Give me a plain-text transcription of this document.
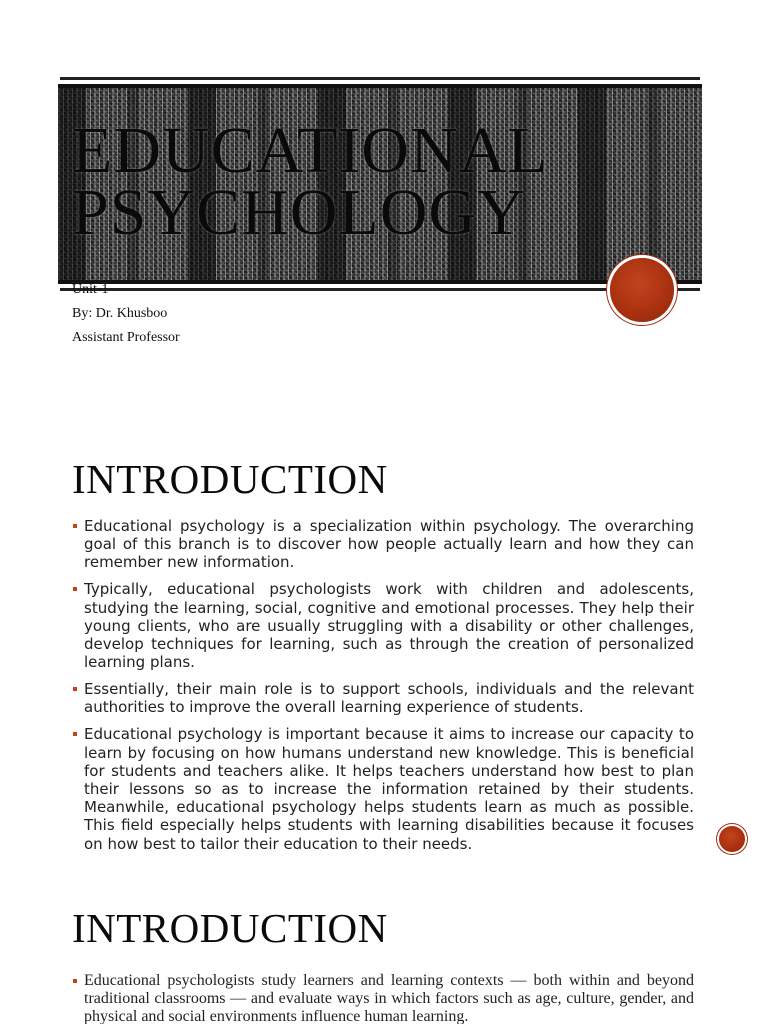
EDUCATIONAL
PSYCHOLOGY
Unit-1
By: Dr. Khusboo
Assistant Professor
INTRODUCTION
Educational psychology is a specialization within psychology. The overarching goal of this branch is to discover how people actually learn and how they can remember new information.
Typically, educational psychologists work with children and adolescents, studying the learning, social, cognitive and emotional processes. They help their young clients, who are usually struggling with a disability or other challenges, develop techniques for learning, such as through the creation of personalized learning plans.
Essentially, their main role is to support schools, individuals and the relevant authorities to improve the overall learning experience of students.
Educational psychology is important because it aims to increase our capacity to learn by focusing on how humans understand new knowledge. This is beneficial for students and teachers alike. It helps teachers understand how best to plan their lessons so as to increase the information retained by their students. Meanwhile, educational psychology helps students learn as much as possible. This field especially helps students with learning disabilities because it focuses on how best to tailor their education to their needs.
INTRODUCTION
Educational psychologists study learners and learning contexts — both within and beyond traditional classrooms — and evaluate ways in which factors such as age, culture, gender, and physical and social environments influence human learning.
